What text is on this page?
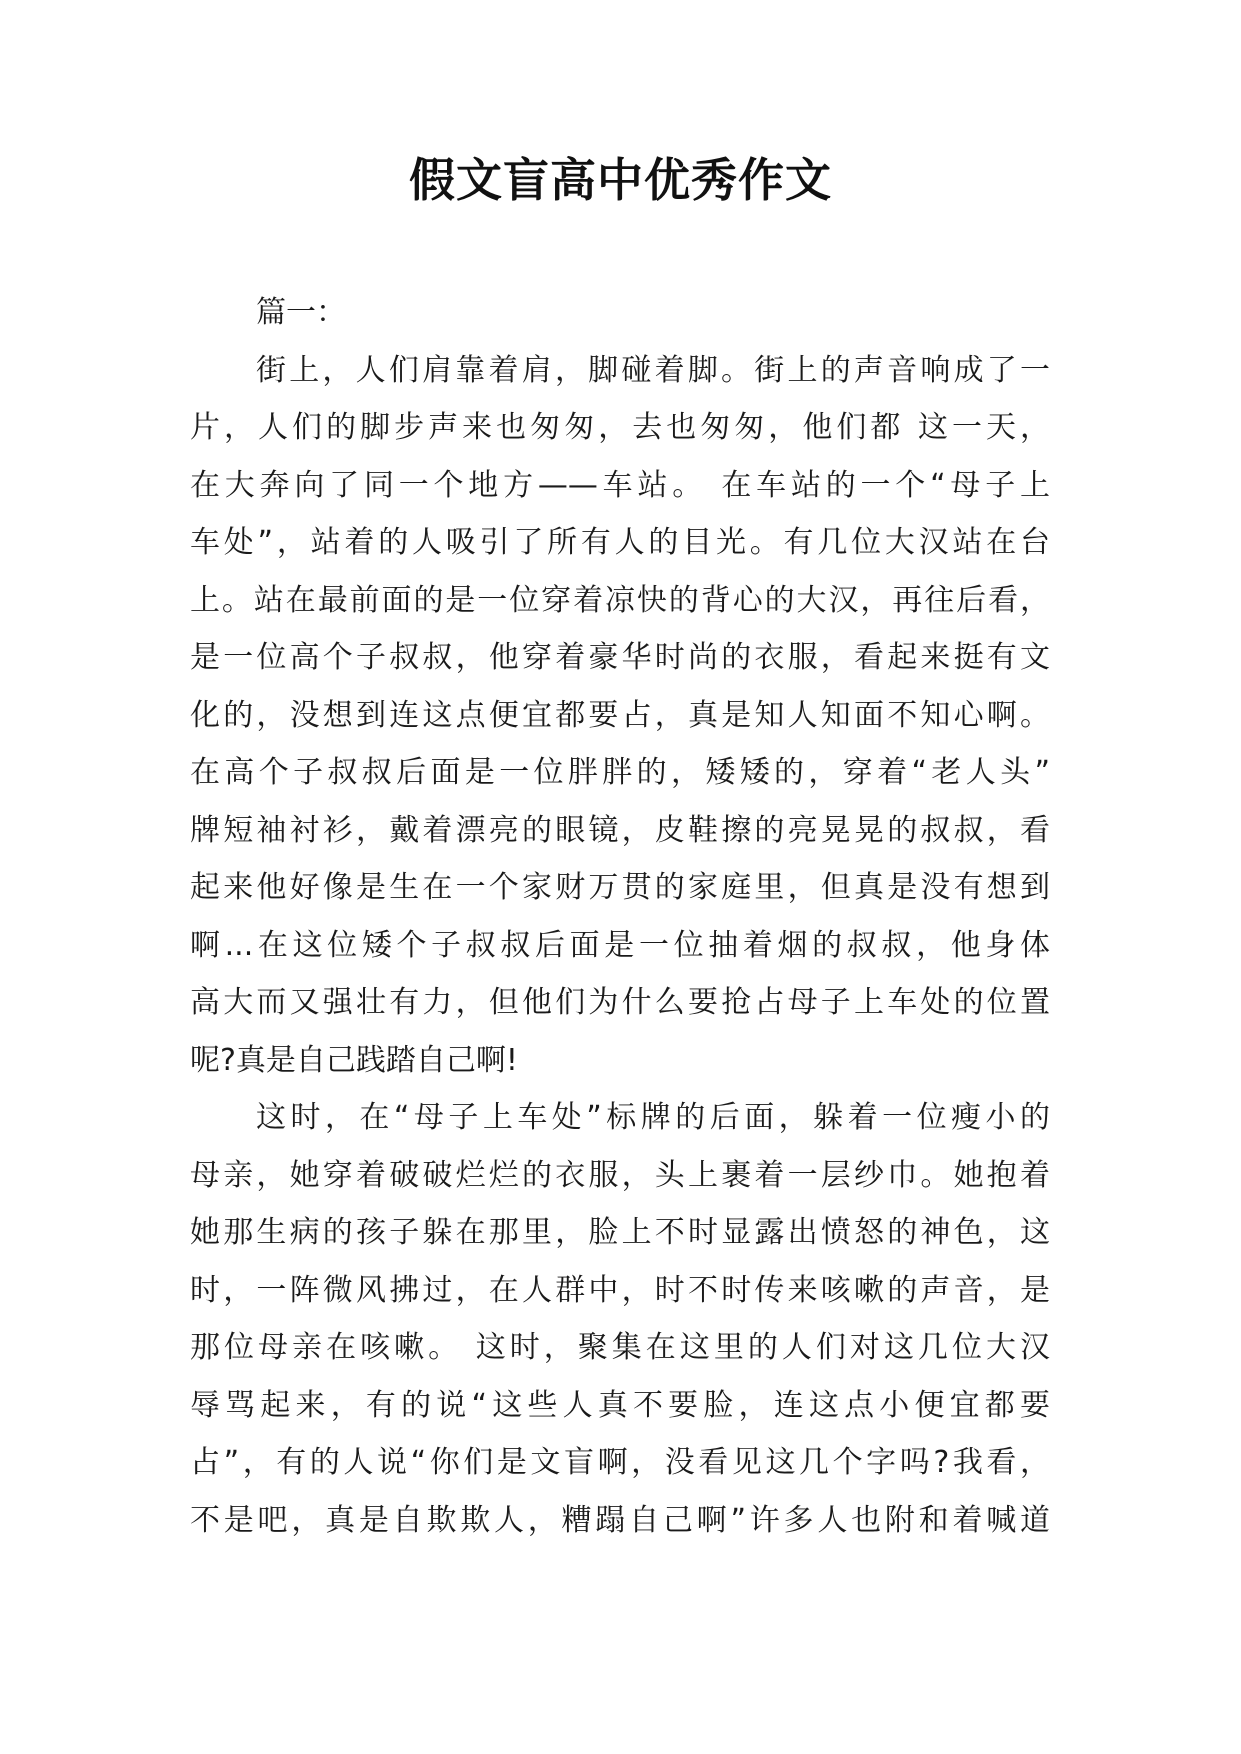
假文盲高中优秀作文
篇一：
街上，人们肩靠着肩，脚碰着脚。街上的声音响成了一
片，人们的脚步声来也匆匆，去也匆匆，他们都 这一天，
在大奔向了同一个地方——车站。 在车站的一个“母子上
车处”，站着的人吸引了所有人的目光。有几位大汉站在台
上。站在最前面的是一位穿着凉快的背心的大汉，再往后看，
是一位高个子叔叔，他穿着豪华时尚的衣服，看起来挺有文
化的，没想到连这点便宜都要占，真是知人知面不知心啊。
在高个子叔叔后面是一位胖胖的，矮矮的，穿着“老人头”
牌短袖衬衫，戴着漂亮的眼镜，皮鞋擦的亮晃晃的叔叔，看
起来他好像是生在一个家财万贯的家庭里，但真是没有想到
啊...在这位矮个子叔叔后面是一位抽着烟的叔叔，他身体
高大而又强壮有力，但他们为什么要抢占母子上车处的位置
呢?真是自己践踏自己啊!
这时，在“母子上车处”标牌的后面，躲着一位瘦小的
母亲，她穿着破破烂烂的衣服，头上裹着一层纱巾。她抱着
她那生病的孩子躲在那里，脸上不时显露出愤怒的神色，这
时，一阵微风拂过，在人群中，时不时传来咳嗽的声音，是
那位母亲在咳嗽。 这时，聚集在这里的人们对这几位大汉
辱骂起来，有的说“这些人真不要脸，连这点小便宜都要
占”，有的人说“你们是文盲啊，没看见这几个字吗?我看，
不是吧，真是自欺欺人，糟蹋自己啊”许多人也附和着喊道
